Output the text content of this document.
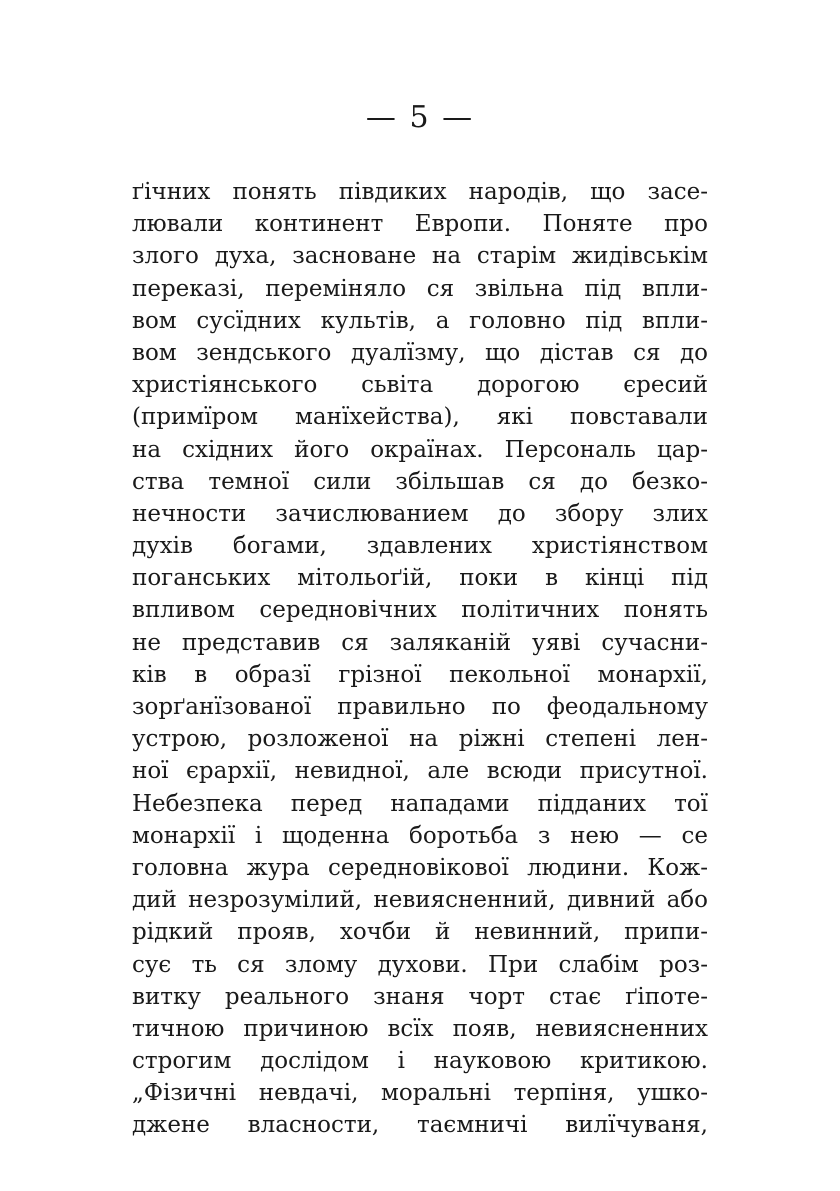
— 5 —
ґічних понять півдиких народів, що засе-
лювали континент Европи. Поняте про
злого духа, засноване на старім жидівськім
переказі, переміняло ся звільна під впли-
вом сусїдних культів, а головно під впли-
вом зендського дуалїзму, що дістав ся до
христіянського сьвіта дорогою єресий
(примїром манїхейства), які повставали
на східних його окраїнах. Персональ цар-
ства темної сили збільшав ся до безко-
нечности зачислюванием до збору злих
духів богами, здавлених христіянством
поганських мітольоґій, поки в кінці під
впливом середновічних політичних понять
не представив ся заляканій уяві сучасни-
ків в образї грізної пекольної монархії,
зорґанїзованої правильно по феодальному
устрою, розложеної на ріжні степені лен-
ної єрархії, невидної, але всюди присутної.
Небезпека перед нападами підданих тої
монархії і щоденна боротьба з нею — се
головна жура середновікової людини. Кож-
дий незрозумілий, невиясненний, дивний або
рідкий прояв, хочби й невинний, припи-
сує ть ся злому духови. При слабім роз-
витку реального знаня чорт стає ґіпоте-
тичною причиною всїх появ, невиясненних
строгим дослідом і науковою критикою.
„Фізичні невдачі, моральні терпіня, ушко-
джене власности, таємничі вилїчуваня,
